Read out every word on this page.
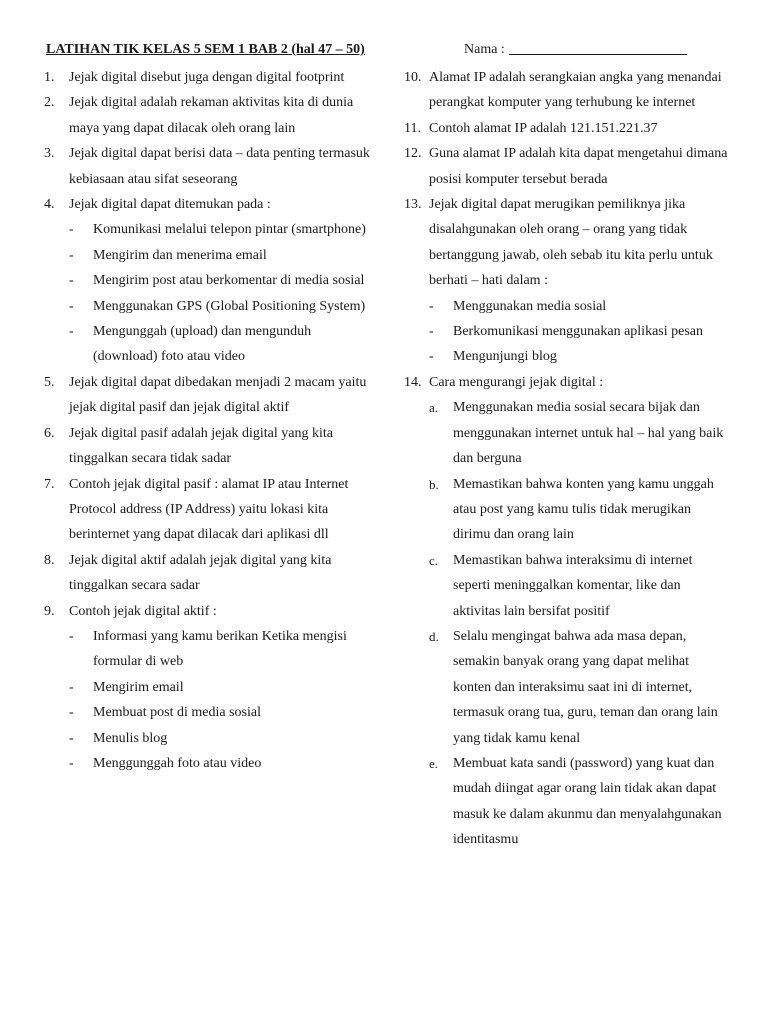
LATIHAN TIK KELAS 5 SEM 1 BAB 2 (hal 47 – 50)	Nama :
1.	Jejak digital disebut juga dengan digital footprint
2.	Jejak digital adalah rekaman aktivitas kita di dunia maya yang dapat dilacak oleh orang lain
3.	Jejak digital dapat berisi data – data penting termasuk kebiasaan atau sifat seseorang
4.	Jejak digital dapat ditemukan pada :
-	Komunikasi melalui telepon pintar (smartphone)
-	Mengirim dan menerima email
-	Mengirim post atau berkomentar di media sosial
-	Menggunakan GPS (Global Positioning System)
-	Mengunggah (upload) dan mengunduh (download) foto atau video
5.	Jejak digital dapat dibedakan menjadi 2 macam yaitu jejak digital pasif dan jejak digital aktif
6.	Jejak digital pasif adalah jejak digital yang kita tinggalkan secara tidak sadar
7.	Contoh jejak digital pasif : alamat IP atau Internet Protocol address (IP Address) yaitu lokasi kita berinternet yang dapat dilacak dari aplikasi dll
8.	Jejak digital aktif adalah jejak digital yang kita tinggalkan secara sadar
9.	Contoh jejak digital aktif :
-	Informasi yang kamu berikan Ketika mengisi formular di web
-	Mengirim email
-	Membuat post di media sosial
-	Menulis blog
-	Menggunggah foto atau video
10. Alamat IP adalah serangkaian angka yang menandai perangkat komputer yang terhubung ke internet
11. Contoh alamat IP adalah 121.151.221.37
12. Guna alamat IP adalah kita dapat mengetahui dimana posisi komputer tersebut berada
13. Jejak digital dapat merugikan pemiliknya jika disalahgunakan oleh orang – orang yang tidak bertanggung jawab, oleh sebab itu kita perlu untuk berhati – hati dalam :
-	Menggunakan media sosial
-	Berkomunikasi menggunakan aplikasi pesan
-	Mengunjungi blog
14. Cara mengurangi jejak digital :
a.	Menggunakan media sosial secara bijak dan menggunakan internet untuk hal – hal yang baik dan berguna
b.	Memastikan bahwa konten yang kamu unggah atau post yang kamu tulis tidak merugikan dirimu dan orang lain
c.	Memastikan bahwa interaksimu di internet seperti meninggalkan komentar, like dan aktivitas lain bersifat positif
d.	Selalu mengingat bahwa ada masa depan, semakin banyak orang yang dapat melihat konten dan interaksimu saat ini di internet, termasuk orang tua, guru, teman dan orang lain yang tidak kamu kenal
e.	Membuat kata sandi (password) yang kuat dan mudah diingat agar orang lain tidak akan dapat masuk ke dalam akunmu dan menyalahgunakan identitasmu
